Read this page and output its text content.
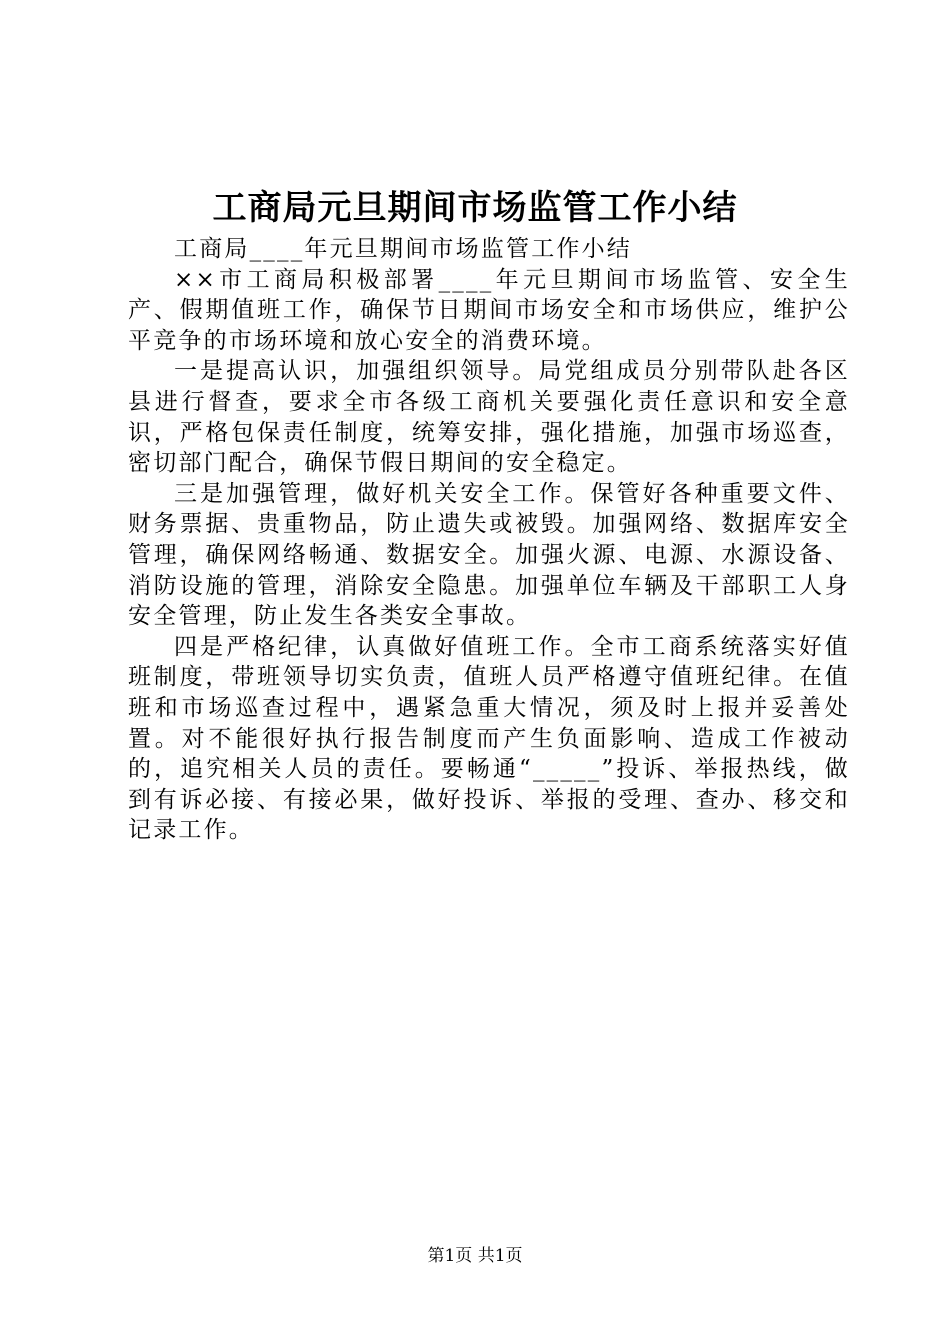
工商局元旦期间市场监管工作小结

工商局____年元旦期间市场监管工作小结

××市工商局积极部署____年元旦期间市场监管、安全生产、假期值班工作，确保节日期间市场安全和市场供应，维护公平竞争的市场环境和放心安全的消费环境。

一是提高认识，加强组织领导。局党组成员分别带队赴各区县进行督查，要求全市各级工商机关要强化责任意识和安全意识，严格包保责任制度，统筹安排，强化措施，加强市场巡查，密切部门配合，确保节假日期间的安全稳定。

三是加强管理，做好机关安全工作。保管好各种重要文件、财务票据、贵重物品，防止遗失或被毁。加强网络、数据库安全管理，确保网络畅通、数据安全。加强火源、电源、水源设备、消防设施的管理，消除安全隐患。加强单位车辆及干部职工人身安全管理，防止发生各类安全事故。

四是严格纪律，认真做好值班工作。全市工商系统落实好值班制度，带班领导切实负责，值班人员严格遵守值班纪律。在值班和市场巡查过程中，遇紧急重大情况，须及时上报并妥善处置。对不能很好执行报告制度而产生负面影响、造成工作被动的，追究相关人员的责任。要畅通“_____”投诉、举报热线，做到有诉必接、有接必果，做好投诉、举报的受理、查办、移交和记录工作。

第1页 共1页
